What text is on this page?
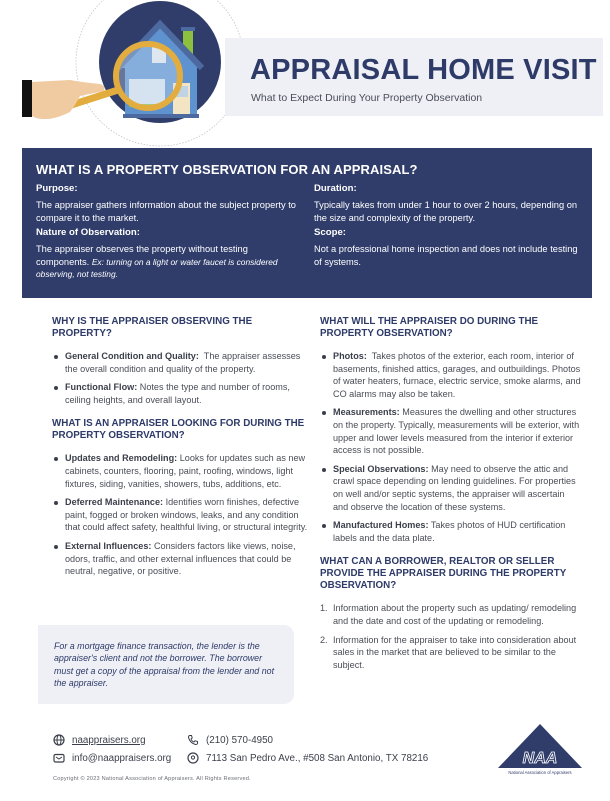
APPRAISAL HOME VISIT
What to Expect During Your Property Observation
WHAT IS A PROPERTY OBSERVATION FOR AN APPRAISAL?
Purpose:

The appraiser gathers information about the subject property to compare it to the market.

Nature of Observation:

The appraiser observes the property without testing components. Ex: turning on a light or water faucet is considered observing, not testing.

Duration:

Typically takes from under 1 hour to over 2 hours, depending on the size and complexity of the property.

Scope:

Not a professional home inspection and does not include testing of systems.

WHY IS THE APPRAISER OBSERVING THE PROPERTY?
General Condition and Quality: The appraiser assesses the overall condition and quality of the property.
Functional Flow: Notes the type and number of rooms, ceiling heights, and overall layout.
WHAT IS AN APPRAISER LOOKING FOR DURING THE PROPERTY OBSERVATION?
Updates and Remodeling: Looks for updates such as new cabinets, counters, flooring, paint, roofing, windows, light fixtures, siding, vanities, showers, tubs, additions, etc.
Deferred Maintenance: Identifies worn finishes, defective paint, fogged or broken windows, leaks, and any condition that could affect safety, healthful living, or structural integrity.
External Influences: Considers factors like views, noise, odors, traffic, and other external influences that could be neutral, negative, or positive.
For a mortgage finance transaction, the lender is the appraiser's client and not the borrower. The borrower must get a copy of the appraisal from the lender and not the appraiser.
WHAT WILL THE APPRAISER DO DURING THE PROPERTY OBSERVATION?
Photos: Takes photos of the exterior, each room, interior of basements, finished attics, garages, and outbuildings. Photos of water heaters, furnace, electric service, smoke alarms, and CO alarms may also be taken.
Measurements: Measures the dwelling and other structures on the property. Typically, measurements will be exterior, with upper and lower levels measured from the interior if exterior access is not possible.
Special Observations: May need to observe the attic and crawl space depending on lending guidelines. For properties on well and/or septic systems, the appraiser will ascertain and observe the location of these systems.
Manufactured Homes: Takes photos of HUD certification labels and the data plate.
WHAT CAN A BORROWER, REALTOR OR SELLER PROVIDE THE APPRAISER DURING THE PROPERTY OBSERVATION?
1. Information about the property such as updating/ remodeling and the date and cost of the updating or remodeling.
2. Information for the appraiser to take into consideration about sales in the market that are believed to be similar to the subject.
naappraisers.org
info@naappraisers.org
(210) 570-4950
7113 San Pedro Ave., #508 San Antonio, TX 78216
Copyright © 2023 National Association of Appraisers. All Rights Reserved.
NAA
National Association of Appraisers
